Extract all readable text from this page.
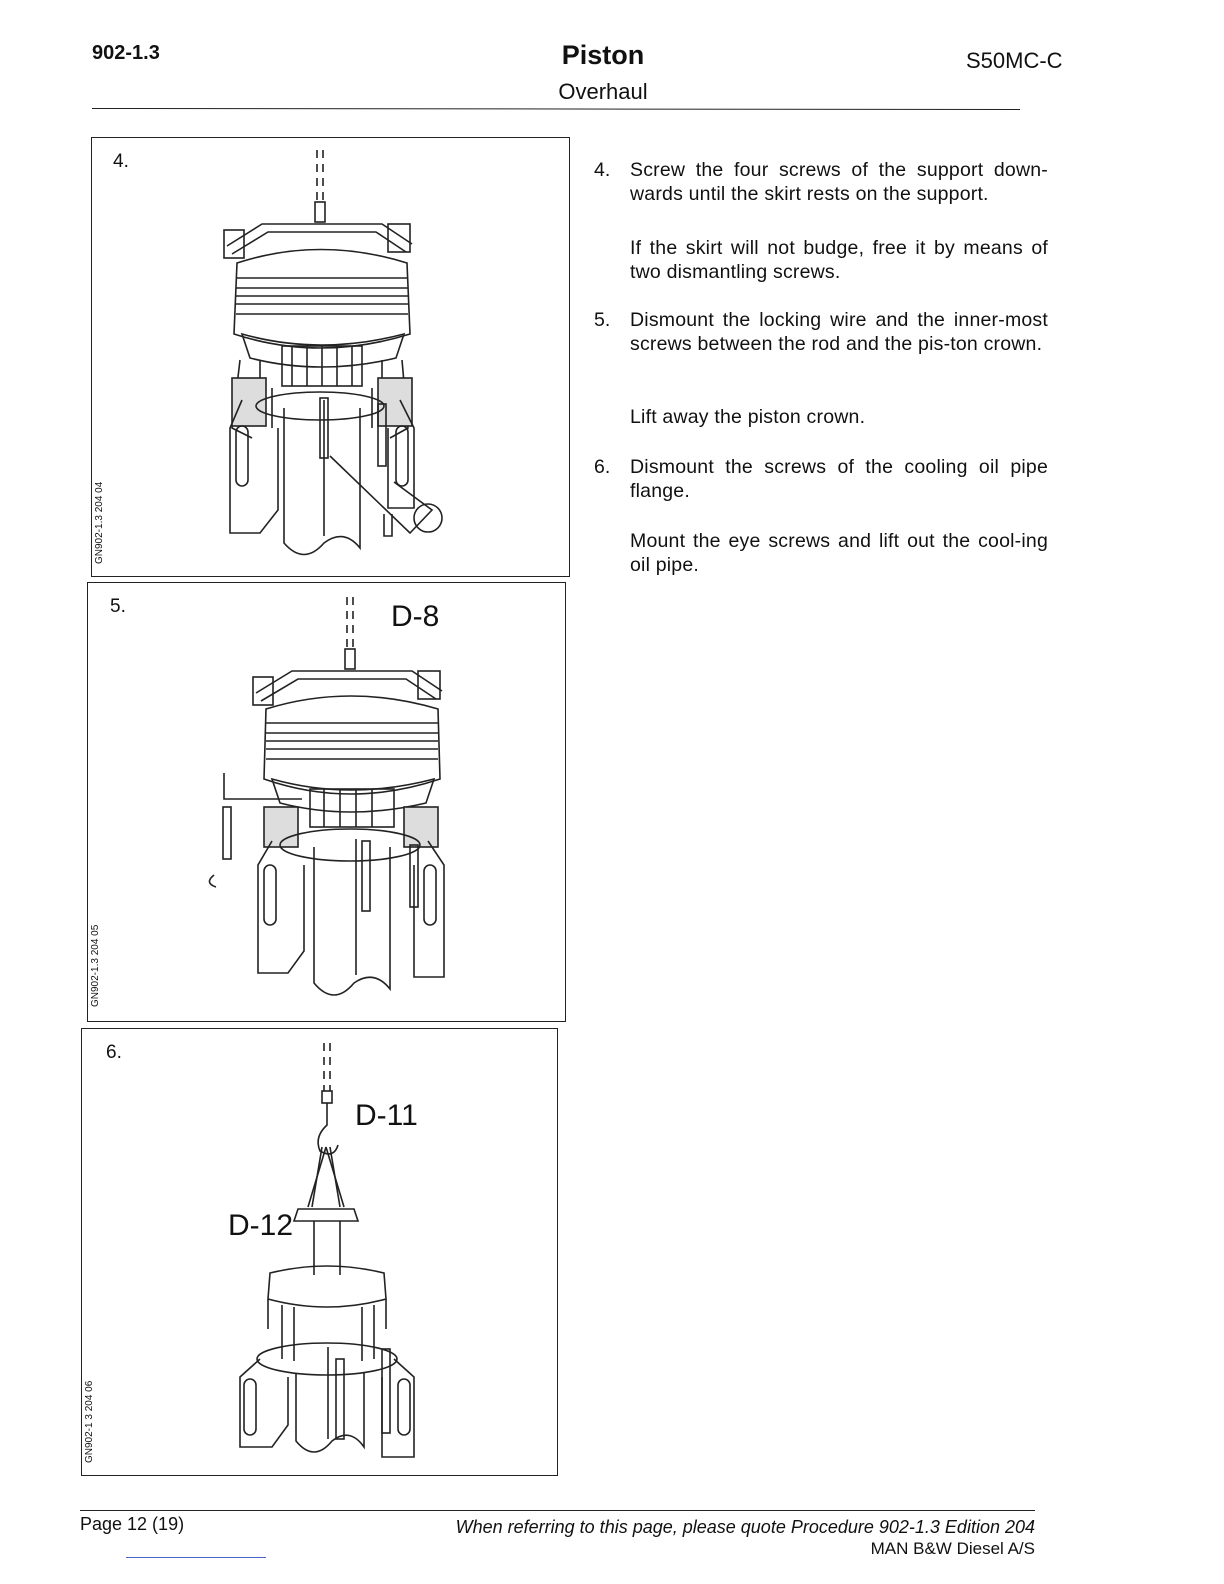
902-1.3	Piston
Overhaul
S50MC-C
4.
GN902-1.3 204 04
5.
GN902-1.3 204 05
D-8
6.
GN902-1 3 204 06
D-11
D-12
4. Screw the four screws of the support down-wards until the skirt rests on the support.
If the skirt will not budge, free it by means of two dismantling screws.
5. Dismount the locking wire and the inner-most screws between the rod and the pis-ton crown.
Lift away the piston crown.
6. Dismount the screws of the cooling oil pipe flange.
Mount the eye screws and lift out the cool-ing oil pipe.
Page 12 (19)	When referring to this page, please quote Procedure 902-1.3 Edition 204
MAN B&W Diesel A/S
